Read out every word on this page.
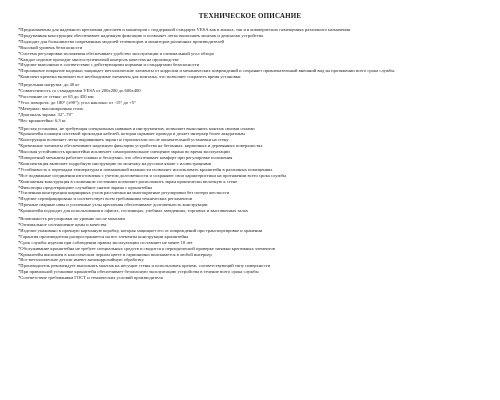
ТЕХНИЧЕСКОЕ ОПИСАНИЕ

*Предназначены для надежного крепления дисплеев и мониторов с поддержкой стандарта VESA как в жилых, так и в коммерческих помещениях различного назначения

*Продуманная конструкция обеспечивает надежную фиксацию и позволяет легко выполнять монтаж и демонтаж устройства

*Подходит для большинства современных моделей телевизоров и мониторов различных производителей

*Высокий уровень безопасности

*Система регулировки положения обеспечивает удобство эксплуатации и оптимальный угол обзора

*Каждое изделие проходит многоступенчатый контроль качества на производстве

*Изделие выполнено в соответствии с действующими нормами и стандартами безопасности

*Порошковое покрытие надежно защищает металлические элементы от коррозии и механических повреждений и сохраняет привлекательный внешний вид на протяжении всего срока службы

*Комплект крепежа включает все необходимые элементы для монтажа, что позволяет сократить время установки

*Предельная нагрузка: до 40 кг

*Совместимость со стандартами VESA от 200х200 до 600х400

*Расстояние от стены: от 65 до 450 мм

*Угол поворота: до 180° (±90°); угол наклона: от -15° до +5°

*Материал: высокопрочная сталь

*Диагональ экрана: 32"–70"

*Вес кронштейна: 6,3 кг

*Простая установка, не требующая специальных навыков и инструментов, позволяет выполнить монтаж своими силами

*Кронштейн оснащен системой прокладки кабелей, которая скрывает провода и делает интерьер более аккуратным

*Конструкция позволяет легко выравнивать экран по горизонтали после окончательной установки на стену

*Крепежные элементы обеспечивают надежную фиксацию устройства на бетонных, кирпичных и деревянных поверхностях

*Высокая устойчивость кронштейна исключает самопроизвольное смещение экрана во время эксплуатации

*Поворотный механизм работает плавно и бесшумно, что обеспечивает комфорт при регулировке положения

*Комплектация включает подробную инструкцию по монтажу на русском языке с иллюстрациями

*Устойчивость к перепадам температуры и повышенной влажности позволяет использовать кронштейн в различных помещениях

*Все подвижные соединения изготовлены с учетом долговечности и сохраняют свои характеристики на протяжении всего срока службы

*Компактная конструкция в сложенном состоянии позволяет расположить экран практически вплотную к стене

*Фиксаторы предотвращают случайное снятие экрана с кронштейна

*Усиленная конструкция шарнирных узлов рассчитана на многократные регулировки без потери жесткости

*Изделие сертифицировано и соответствует всем требованиям технических регламентов

*Прочные сварные швы и усиленные узлы крепления обеспечивают долговечность конструкции

*Кронштейн подходит для использования в офисах, гостиницах, учебных заведениях, торговых и выставочных залах

*Возможность регулировки по уровню после монтажа

*Оптимальное соотношение цены и качества

*Изделие упаковано в прочную картонную коробку, которая защищает его от повреждений при транспортировке и хранении

*Гарантия производителя распространяется на все элементы конструкции кронштейна

*Срок службы изделия при соблюдении правил эксплуатации составляет не менее 10 лет

*Обслуживание кронштейна не требует специальных средств и сводится к периодической проверке затяжки крепежных элементов

*Кронштейн выполнен в классическом черном цвете и гармонично вписывается в любой интерьер

*Все металлические детали имеют антикоррозийную обработку

*Производитель рекомендует выполнять монтаж на несущие стены и использовать крепеж, соответствующий типу поверхности

*При правильной установке кронштейн обеспечивает безопасную эксплуатацию устройства в течение всего срока службы

*Соответствие требованиям ГОСТ и технических условий производителя
